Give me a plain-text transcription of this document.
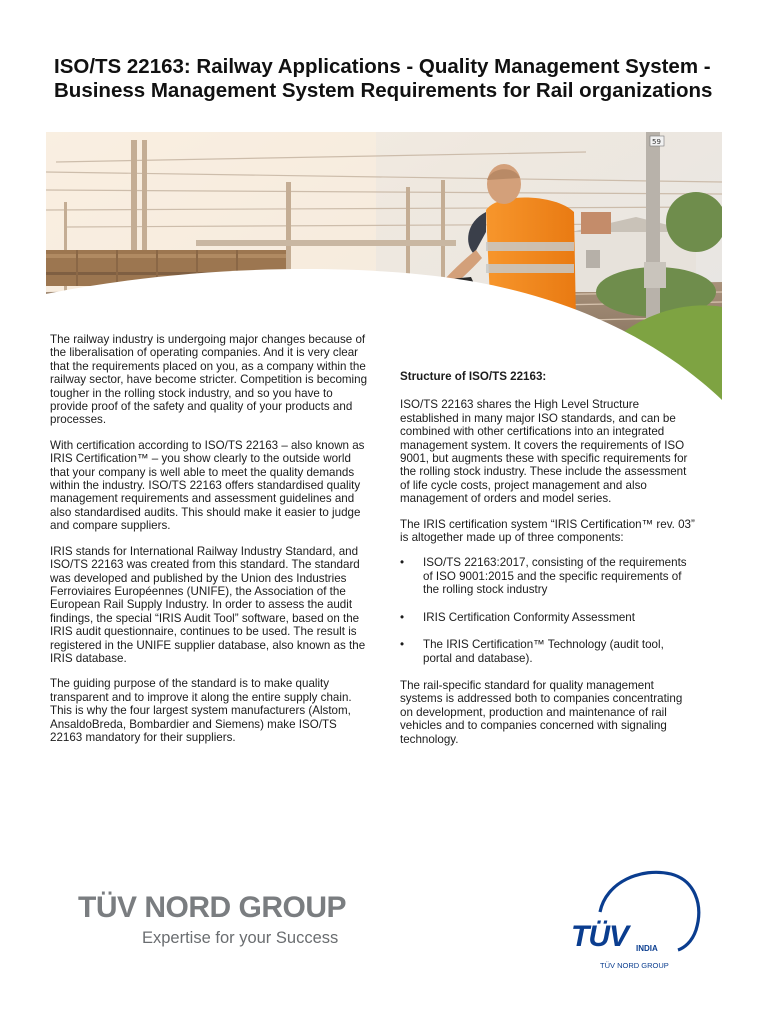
ISO/TS 22163: Railway Applications - Quality Management System - Business Management System Requirements for Rail organizations
59

The railway industry is undergoing major changes because of the liberalisation of operating companies. And it is very clear that the requirements placed on you, as a company within the railway sector, have become stricter. Competition is becoming tougher in the rolling stock industry, and so you have to provide proof of the safety and quality of your products and processes.

With certification according to ISO/TS 22163 – also known as IRIS Certification™ – you show clearly to the outside world that your company is well able to meet the quality demands within the industry. ISO/TS 22163 offers standardised quality management requirements and assessment guidelines and also standardised audits. This should make it easier to judge and compare suppliers.

IRIS stands for International Railway Industry Standard, and ISO/TS 22163 was created from this standard. The standard was developed and published by the Union des Industries Ferroviaires Européennes (UNIFE), the Association of the European Rail Supply Industry. In order to assess the audit findings, the special “IRIS Audit Tool” software, based on the IRIS audit questionnaire, continues to be used. The result is registered in the UNIFE supplier database, also known as the IRIS database.

The guiding purpose of the standard is to make quality transparent and to improve it along the entire supply chain. This is why the four largest system manufacturers (Alstom, AnsaldoBreda, Bombardier and Siemens) make ISO/TS 22163 mandatory for their suppliers.

Structure of ISO/TS 22163:

ISO/TS 22163 shares the High Level Structure established in many major ISO standards, and can be combined with other certifications into an integrated management system. It covers the requirements of ISO 9001, but augments these with specific requirements for the rolling stock industry. These include the assessment of life cycle costs, project management and also management of orders and model series.

The IRIS certification system “IRIS Certification™ rev. 03” is altogether made up of three components:

• ISO/TS 22163:2017, consisting of the requirements of ISO 9001:2015 and the specific requirements of the rolling stock industry
• IRIS Certification Conformity Assessment
• The IRIS Certification™ Technology (audit tool, portal and database).

The rail-specific standard for quality management systems is addressed both to companies concentrating on development, production and maintenance of rail vehicles and to companies concerned with signaling technology.

TÜV NORD GROUP
Expertise for your Success	TÜV INDIA
TÜV NORD GROUP
